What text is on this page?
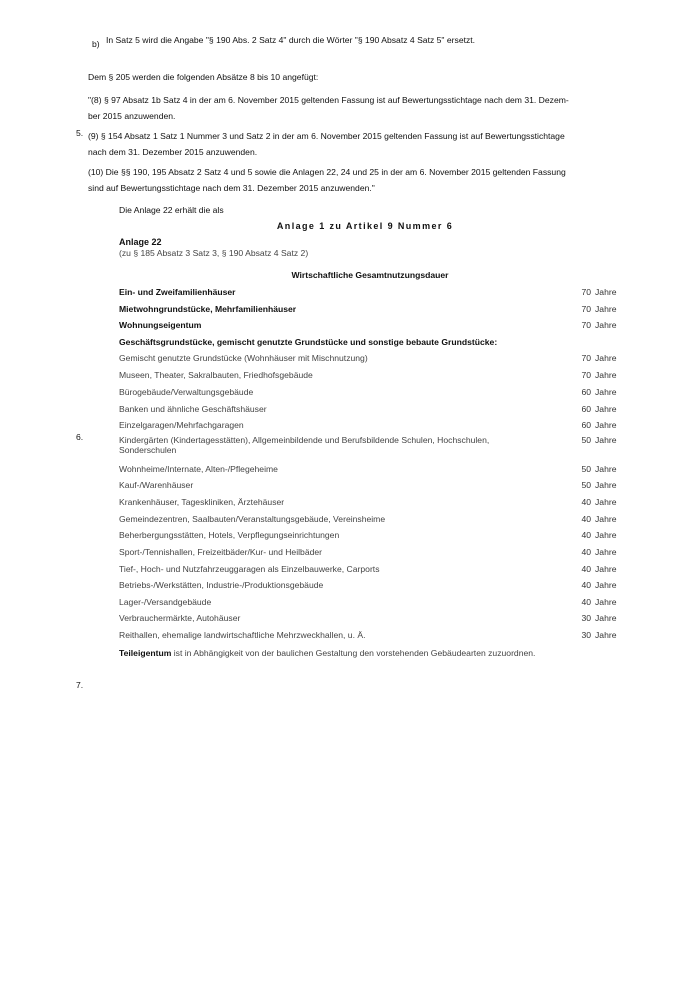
b) In Satz 5 wird die Angabe "§ 190 Abs. 2 Satz 4" durch die Wörter "§ 190 Absatz 4 Satz 5" ersetzt.
Dem § 205 werden die folgenden Absätze 8 bis 10 angefügt:
"(8) § 97 Absatz 1b Satz 4 in der am 6. November 2015 geltenden Fassung ist auf Bewertungsstichtage nach dem 31. Dezem-
ber 2015 anzuwenden.
5. (9) § 154 Absatz 1 Satz 1 Nummer 3 und Satz 2 in der am 6. November 2015 geltenden Fassung ist auf Bewertungsstichtage
nach dem 31. Dezember 2015 anzuwenden.
(10) Die §§ 190, 195 Absatz 2 Satz 4 und 5 sowie die Anlagen 22, 24 und 25 in der am 6. November 2015 geltenden Fassung
sind auf Bewertungsstichtage nach dem 31. Dezember 2015 anzuwenden."
Die Anlage 22 erhält die als
Anlage 1 zu Artikel 9 Nummer 6
Anlage 22
(zu § 185 Absatz 3 Satz 3, § 190 Absatz 4 Satz 2)
Wirtschaftliche Gesamtnutzungsdauer
6.
Ein- und Zweifamilienhäuser	70 Jahre
Mietwohngrundstücke, Mehrfamilienhäuser	70 Jahre
Wohnungseigentum	70 Jahre
Geschäftsgrundstücke, gemischt genutzte Grundstücke und sonstige bebaute Grundstücke:
Gemischt genutzte Grundstücke (Wohnhäuser mit Mischnutzung)	70 Jahre
Museen, Theater, Sakralbauten, Friedhofsgebäude	70 Jahre
Bürogebäude/Verwaltungsgebäude	60 Jahre
Banken und ähnliche Geschäftshäuser	60 Jahre
Einzelgaragen/Mehrfachgaragen	60 Jahre
Kindergärten (Kindertagesstätten), Allgemeinbildende und Berufsbildende Schulen, Hochschulen,
Sonderschulen
50 Jahre
Wohnheime/Internate, Alten-/Pflegeheime	50 Jahre
Kauf-/Warenhäuser	50 Jahre
Krankenhäuser, Tageskliniken, Ärztehäuser	40 Jahre
Gemeindezentren, Saalbauten/Veranstaltungsgebäude, Vereinsheime	40 Jahre
Beherbergungsstätten, Hotels, Verpflegungseinrichtungen	40 Jahre
Sport-/Tennishallen, Freizeitbäder/Kur- und Heilbäder	40 Jahre
Tief-, Hoch- und Nutzfahrzeuggaragen als Einzelbauwerke, Carports	40 Jahre
Betriebs-/Werkstätten, Industrie-/Produktionsgebäude	40 Jahre
Lager-/Versandgebäude	40 Jahre
Verbrauchermärkte, Autohäuser	30 Jahre
Reithallen, ehemalige landwirtschaftliche Mehrzweckhallen, u. Ä.	30 Jahre
Teileigentum ist in Abhängigkeit von der baulichen Gestaltung den vorstehenden Gebäudearten zuzuordnen.
7.
